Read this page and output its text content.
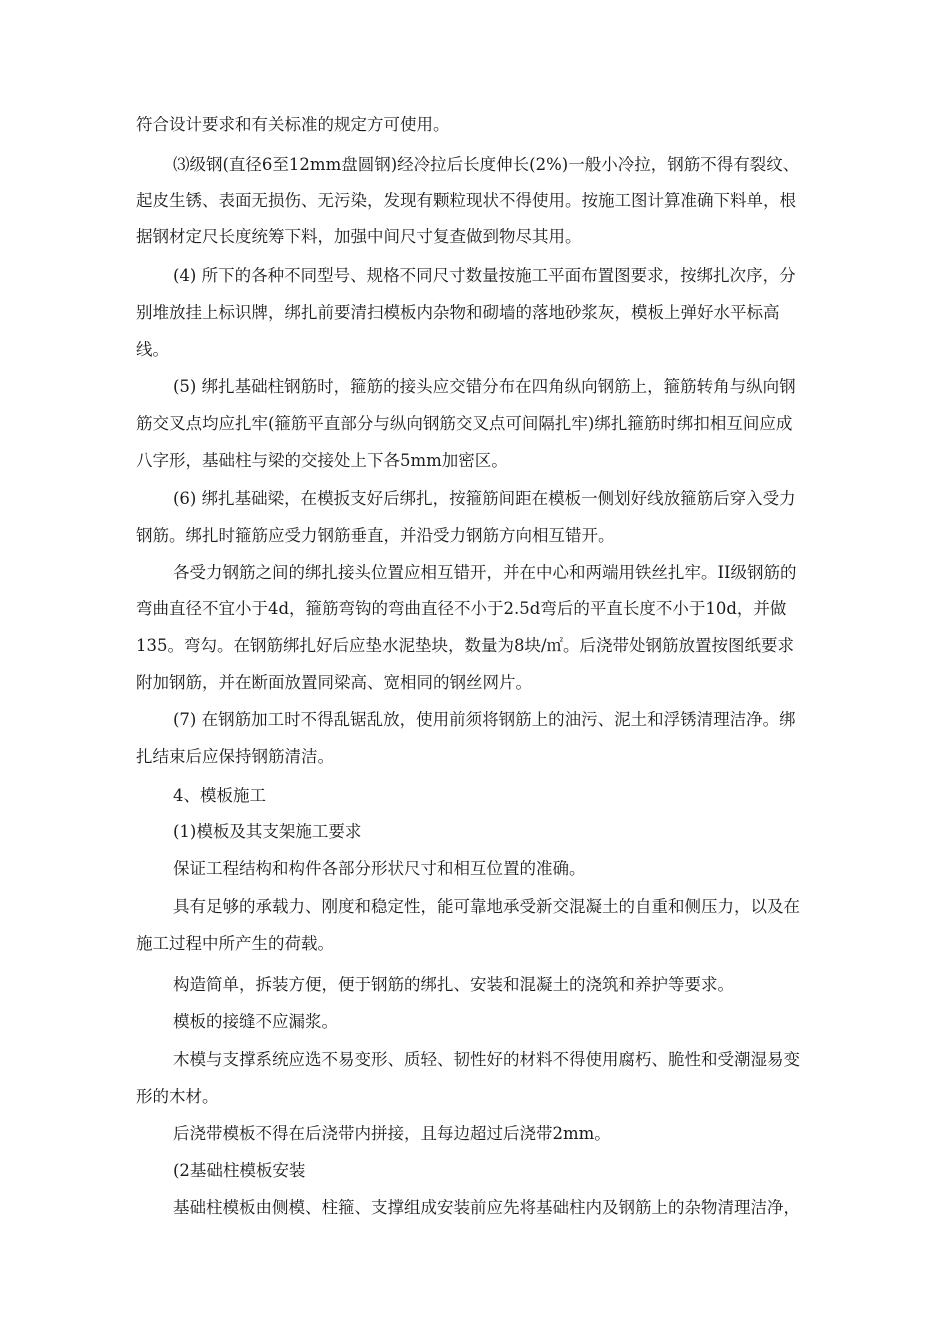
符合设计要求和有关标准的规定方可使用。
⑶级钢(直径6至12mm盘圆钢)经冷拉后长度伸长(2%)一般小冷拉，钢筋不得有裂纹、
起皮生锈、表面无损伤、无污染，发现有颗粒现状不得使用。按施工图计算准确下料单，根
据钢材定尺长度统筹下料，加强中间尺寸复查做到物尽其用。
(4) 所下的各种不同型号、规格不同尺寸数量按施工平面布置图要求，按绑扎次序，分
别堆放挂上标识牌，绑扎前要清扫模板内杂物和砌墙的落地砂浆灰，模板上弹好水平标高
线。
(5) 绑扎基础柱钢筋时，箍筋的接头应交错分布在四角纵向钢筋上，箍筋转角与纵向钢
筋交叉点均应扎牢(箍筋平直部分与纵向钢筋交叉点可间隔扎牢)绑扎箍筋时绑扣相互间应成
八字形，基础柱与梁的交接处上下各5mm加密区。
(6) 绑扎基础梁，在模扳支好后绑扎，按箍筋间距在模板一侧划好线放箍筋后穿入受力
钢筋。绑扎时箍筋应受力钢筋垂直，并沿受力钢筋方向相互错开。
各受力钢筋之间的绑扎接头位置应相互错开，并在中心和两端用铁丝扎牢。II级钢筋的
弯曲直径不宜小于4d，箍筋弯钩的弯曲直径不小于2.5d弯后的平直长度不小于10d，并做
135。弯勾。在钢筋绑扎好后应垫水泥垫块，数量为8块/㎡。后浇带处钢筋放置按图纸要求
附加钢筋，并在断面放置同梁高、宽相同的钢丝网片。
(7) 在钢筋加工时不得乱锯乱放，使用前须将钢筋上的油污、泥土和浮锈清理洁净。绑
扎结束后应保持钢筋清洁。
4、模板施工
(1)模板及其支架施工要求
保证工程结构和构件各部分形状尺寸和相互位置的准确。
具有足够的承载力、刚度和稳定性，能可靠地承受新交混凝土的自重和侧压力，以及在
施工过程中所产生的荷载。
构造简单，拆装方便，便于钢筋的绑扎、安装和混凝土的浇筑和养护等要求。
模板的接缝不应漏浆。
木模与支撑系统应选不易变形、质轻、韧性好的材料不得使用腐朽、脆性和受潮湿易变
形的木材。
后浇带模板不得在后浇带内拼接，且每边超过后浇带2mm。
(2基础柱模板安装
基础柱模板由侧模、柱箍、支撑组成安装前应先将基础柱内及钢筋上的杂物清理洁净，
